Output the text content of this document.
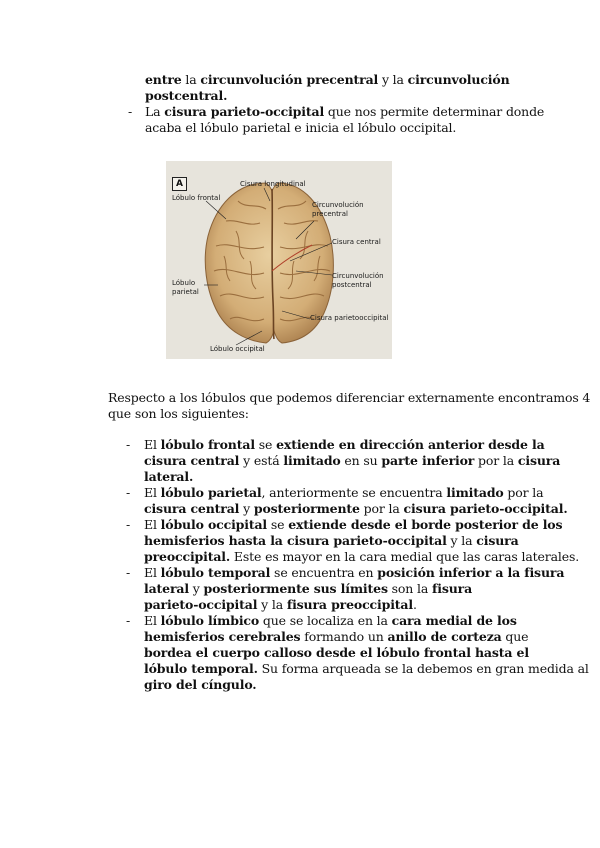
entre la circunvolución precentral y la circunvolución
postcentral.
- La cisura parieto-occipital que nos permite determinar donde
acaba el lóbulo parietal e inicia el lóbulo occipital.
A	Cisura longitudinal
Lóbulo frontal
Circunvolución
precentral
Cisura central
Circunvolución
postcentral
Lóbulo
parietal
Cisura parietooccipital
Lóbulo occipital
Respecto a los lóbulos que podemos diferenciar externamente encontramos 4
que son los siguientes:
- El lóbulo frontal se extiende en dirección anterior desde la
cisura central y está limitado en su parte inferior por la cisura
lateral.
- El lóbulo parietal, anteriormente se encuentra limitado por la
cisura central y posteriormente por la cisura parieto-occipital.
- El lóbulo occipital se extiende desde el borde posterior de los
hemisferios hasta la cisura parieto-occipital y la cisura
preoccipital. Este es mayor en la cara medial que las caras laterales.
- El lóbulo temporal se encuentra en posición inferior a la fisura
lateral y posteriormente sus límites son la fisura
parieto-occipital y la fisura preoccipital.
- El lóbulo límbico que se localiza en la cara medial de los
hemisferios cerebrales formando un anillo de corteza que
bordea el cuerpo calloso desde el lóbulo frontal hasta el
lóbulo temporal. Su forma arqueada se la debemos en gran medida al
giro del cíngulo.
